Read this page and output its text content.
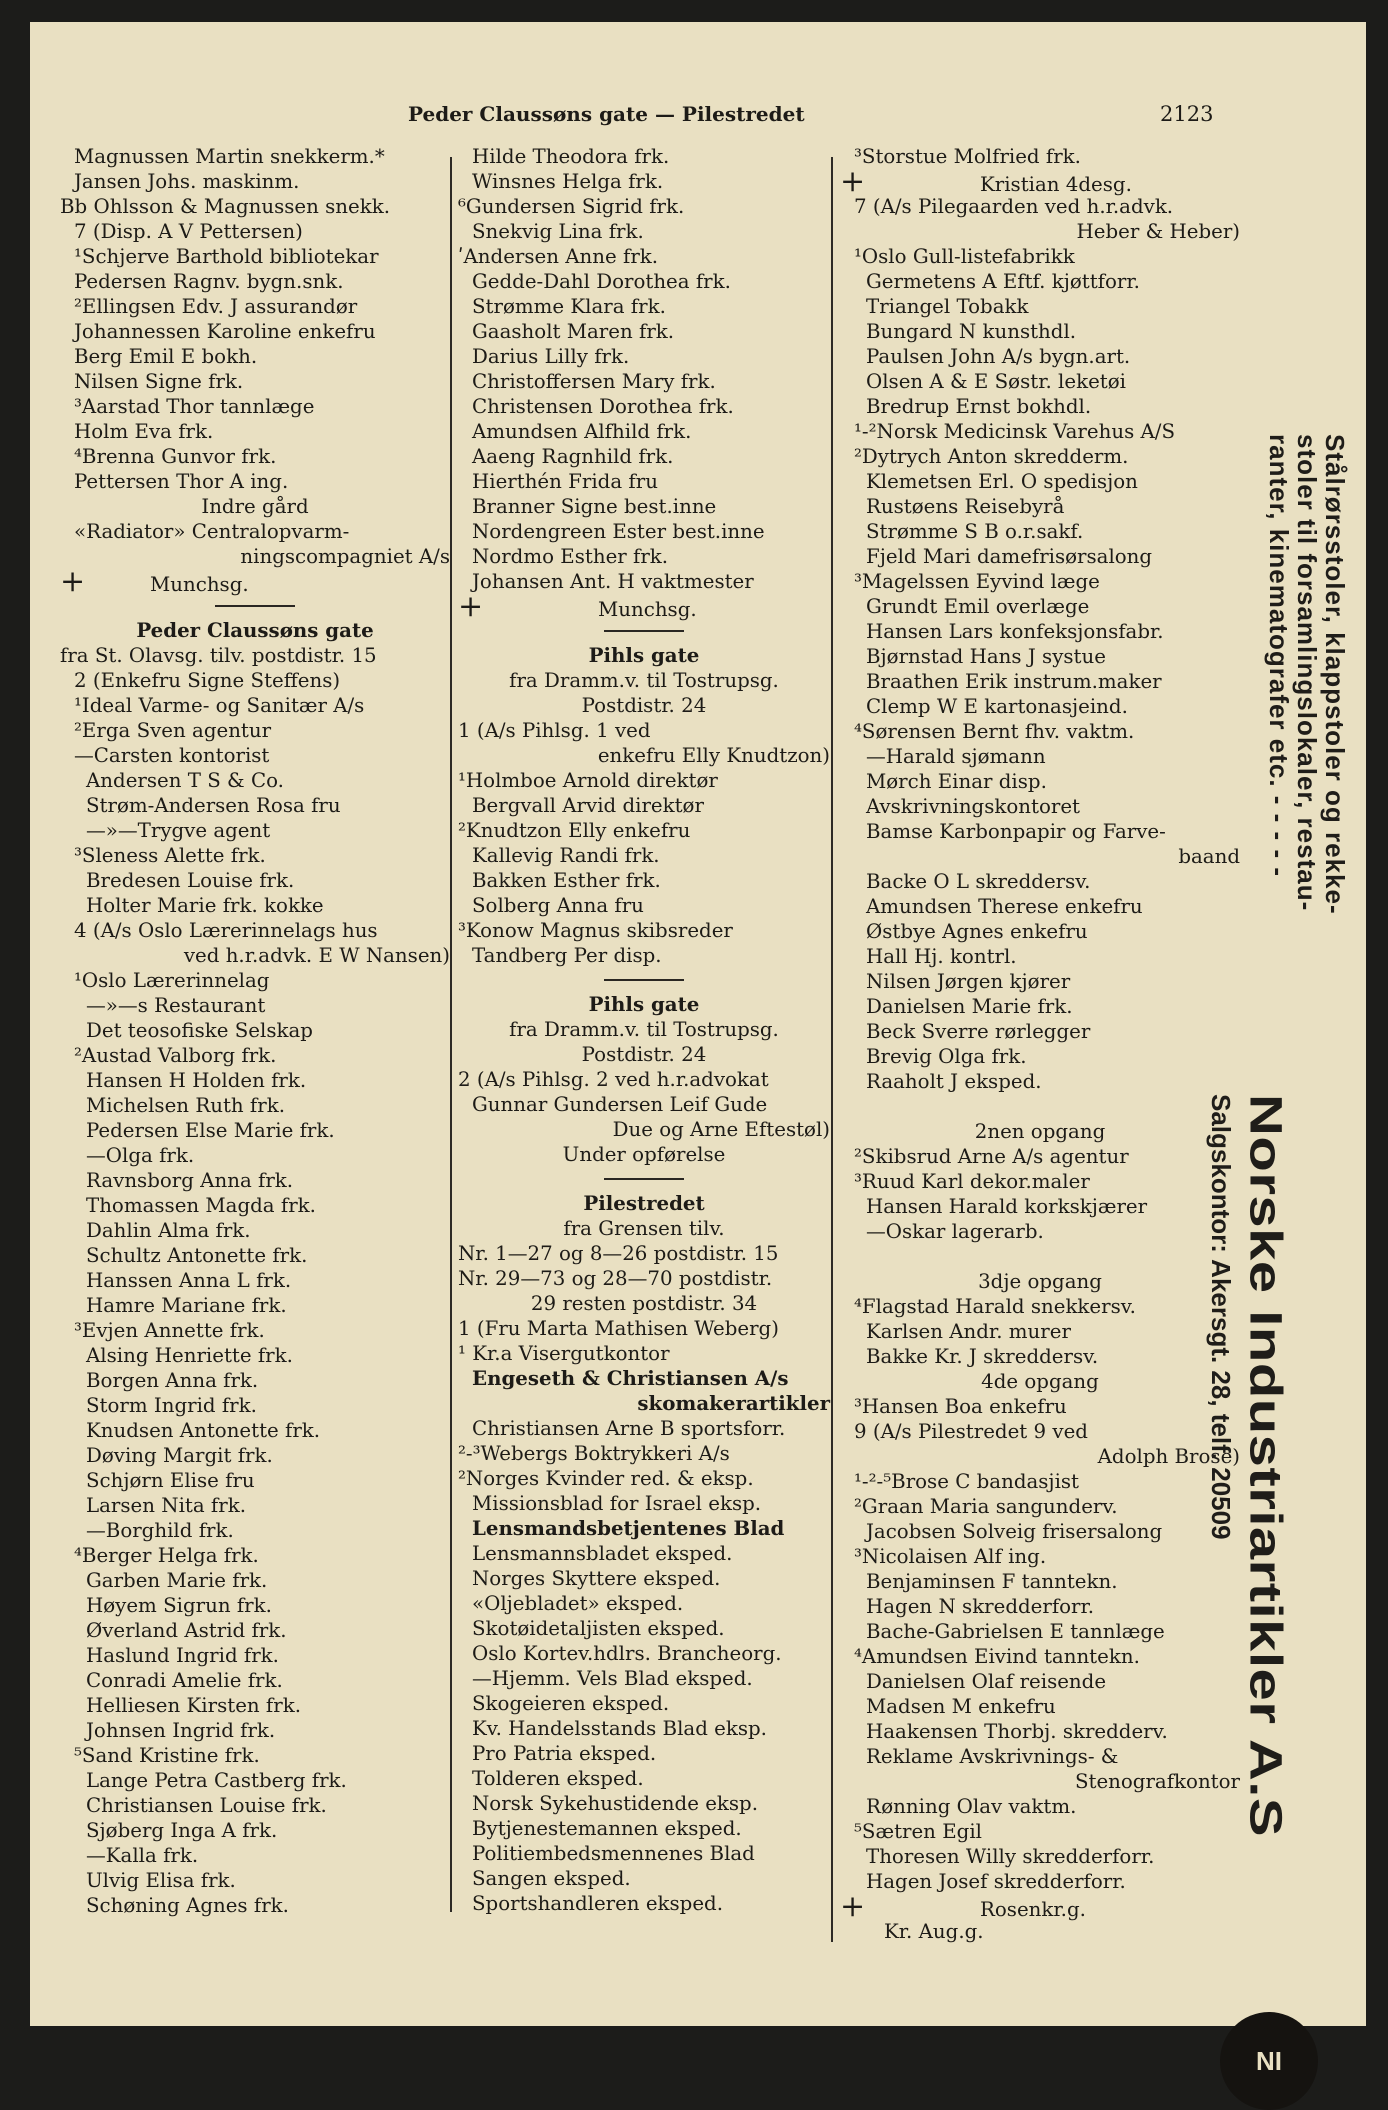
Peder Claussøns gate — Pilestredet	2123
Magnussen Martin snekkerm.*
Jansen Johs. maskinm.
Bb Ohlsson & Magnussen snekk.
7 (Disp. A V Pettersen)
¹Schjerve Barthold bibliotekar
Pedersen Ragnv. bygn.snk.
²Ellingsen Edv. J assurandør
Johannessen Karoline enkefru
Berg Emil E bokh.
Nilsen Signe frk.
³Aarstad Thor tannlæge
Holm Eva frk.
⁴Brenna Gunvor frk.
Pettersen Thor A ing.
Indre gård
«Radiator» Centralopvarm-
ningscompagniet A/s
+	Munchsg.
Peder Claussøns gate
fra St. Olavsg. tilv. postdistr. 15
2 (Enkefru Signe Steffens)
¹Ideal Varme- og Sanitær A/s
²Erga Sven agentur
—Carsten kontorist
Andersen T S & Co.
Strøm-Andersen Rosa fru
—»—Trygve agent
³Sleness Alette frk.
Bredesen Louise frk.
Holter Marie frk. kokke
4 (A/s Oslo Lærerinnelags hus
ved h.r.advk. E W Nansen)
¹Oslo Lærerinnelag
—»—s Restaurant
Det teosofiske Selskap
²Austad Valborg frk.
Hansen H Holden frk.
Michelsen Ruth frk.
Pedersen Else Marie frk.
—Olga frk.
Ravnsborg Anna frk.
Thomassen Magda frk.
Dahlin Alma frk.
Schultz Antonette frk.
Hanssen Anna L frk.
Hamre Mariane frk.
³Evjen Annette frk.
Alsing Henriette frk.
Borgen Anna frk.
Storm Ingrid frk.
Knudsen Antonette frk.
Døving Margit frk.
Schjørn Elise fru
Larsen Nita frk.
—Borghild frk.
⁴Berger Helga frk.
Garben Marie frk.
Høyem Sigrun frk.
Øverland Astrid frk.
Haslund Ingrid frk.
Conradi Amelie frk.
Helliesen Kirsten frk.
Johnsen Ingrid frk.
⁵Sand Kristine frk.
Lange Petra Castberg frk.
Christiansen Louise frk.
Sjøberg Inga A frk.
—Kalla frk.
Ulvig Elisa frk.
Schøning Agnes frk.
Hilde Theodora frk.
Winsnes Helga frk.
⁶Gundersen Sigrid frk.
Snekvig Lina frk.
ʹAndersen Anne frk.
Gedde-Dahl Dorothea frk.
Strømme Klara frk.
Gaasholt Maren frk.
Darius Lilly frk.
Christoffersen Mary frk.
Christensen Dorothea frk.
Amundsen Alfhild frk.
Aaeng Ragnhild frk.
Hierthén Frida fru
Branner Signe best.inne
Nordengreen Ester best.inne
Nordmo Esther frk.
Johansen Ant. H vaktmester
+	Munchsg.
Pihls gate
fra Dramm.v. til Tostrupsg.
Postdistr. 24
1 (A/s Pihlsg. 1 ved
enkefru Elly Knudtzon)
¹Holmboe Arnold direktør
Bergvall Arvid direktør
²Knudtzon Elly enkefru
Kallevig Randi frk.
Bakken Esther frk.
Solberg Anna fru
³Konow Magnus skibsreder
Tandberg Per disp.
Pihls gate
fra Dramm.v. til Tostrupsg.
Postdistr. 24
2 (A/s Pihlsg. 2 ved h.r.advokat
Gunnar Gundersen Leif Gude
Due og Arne Eftestøl)
Under opførelse
Pilestredet
fra Grensen tilv.
Nr. 1—27 og 8—26 postdistr. 15
Nr. 29—73 og 28—70 postdistr.
29 resten postdistr. 34
1 (Fru Marta Mathisen Weberg)
¹ Kr.a Visergutkontor
Engeseth & Christiansen A/s
skomakerartikler
Christiansen Arne B sportsforr.
²-³Webergs Boktrykkeri A/s
²Norges Kvinder red. & eksp.
Missionsblad for Israel eksp.
Lensmandsbetjentenes Blad
Lensmannsbladet eksped.
Norges Skyttere eksped.
«Oljebladet» eksped.
Skotøidetaljisten eksped.
Oslo Kortev.hdlrs. Brancheorg.
—Hjemm. Vels Blad eksped.
Skogeieren eksped.
Kv. Handelsstands Blad eksp.
Pro Patria eksped.
Tolderen eksped.
Norsk Sykehustidende eksp.
Bytjenestemannen eksped.
Politiembedsmennenes Blad
Sangen eksped.
Sportshandleren eksped.
³Storstue Molfried frk.
+	Kristian 4desg.
7 (A/s Pilegaarden ved h.r.advk.
Heber & Heber)
¹Oslo Gull-listefabrikk
Germetens A Eftf. kjøttforr.
Triangel Tobakk
Bungard N kunsthdl.
Paulsen John A/s bygn.art.
Olsen A & E Søstr. leketøi
Bredrup Ernst bokhdl.
¹-²Norsk Medicinsk Varehus A/S
²Dytrych Anton skredderm.
Klemetsen Erl. O spedisjon
Rustøens Reisebyrå
Strømme S B o.r.sakf.
Fjeld Mari damefrisørsalong
³Magelssen Eyvind læge
Grundt Emil overlæge
Hansen Lars konfeksjonsfabr.
Bjørnstad Hans J systue
Braathen Erik instrum.maker
Clemp W E kartonasjeind.
⁴Sørensen Bernt fhv. vaktm.
—Harald sjømann
Mørch Einar disp.
Avskrivningskontoret
Bamse Karbonpapir og Farve-
baand
Backe O L skreddersv.
Amundsen Therese enkefru
Østbye Agnes enkefru
Hall Hj. kontrl.
Nilsen Jørgen kjører
Danielsen Marie frk.
Beck Sverre rørlegger
Brevig Olga frk.
Raaholt J eksped.
2nen opgang
²Skibsrud Arne A/s agentur
³Ruud Karl dekor.maler
Hansen Harald korkskjærer
—Oskar lagerarb.
3dje opgang
⁴Flagstad Harald snekkersv.
Karlsen Andr. murer
Bakke Kr. J skreddersv.
4de opgang
³Hansen Boa enkefru
9 (A/s Pilestredet 9 ved
Adolph Brose)
¹-²-⁵Brose C bandasjist
²Graan Maria sangunderv.
Jacobsen Solveig frisersalong
³Nicolaisen Alf ing.
Benjaminsen F tanntekn.
Hagen N skredderforr.
Bache-Gabrielsen E tannlæge
⁴Amundsen Eivind tanntekn.
Danielsen Olaf reisende
Madsen M enkefru
Haakensen Thorbj. skredderv.
Reklame Avskrivnings- &
Stenografkontor
Rønning Olav vaktm.
⁵Sætren Egil
Thoresen Willy skredderforr.
Hagen Josef skredderforr.
+	Rosenkr.g.
Kr. Aug.g.
Stålrørsstoler, klappstoler og rekke-
stoler til forsamlingslokaler, restau-
ranter, kinematografer etc. - - - - -
Norske Industriartikler A.S
Salgskontor: Akersgt. 28, telf. 20509
NI
